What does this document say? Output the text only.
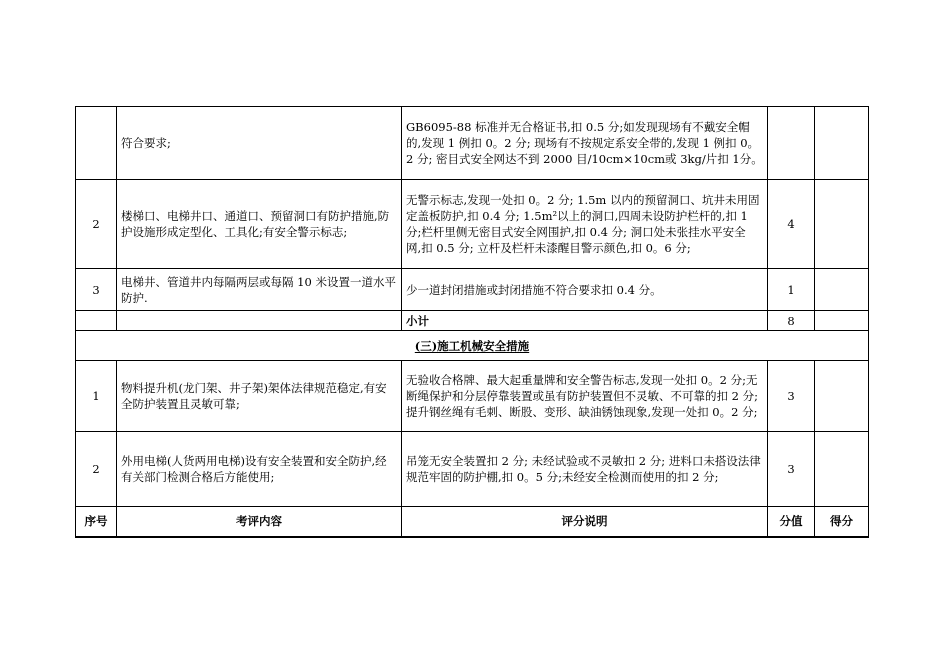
	符合要求;	GB6095-88 标准并无合格证书,扣 0.5 分;如发现现场有不戴安全帽的,发现 1 例扣 0。2 分; 现场有不按规定系安全带的,发现 1 例扣 0。2 分; 密目式安全网达不到 2000 目/10cm×10cm或 3kg/片扣 1分。		
2	楼梯口、电梯井口、通道口、预留洞口有防护措施,防护设施形成定型化、工具化;有安全警示标志;	无警示标志,发现一处扣 0。2 分; 1.5m 以内的预留洞口、坑井未用固定盖板防护,扣 0.4 分; 1.5m²以上的洞口,四周未设防护栏杆的,扣 1分;栏杆里侧无密目式安全网围护,扣 0.4 分; 洞口处未张挂水平安全 网,扣 0.5 分; 立杆及栏杆未漆醒目警示颜色,扣 0。6 分;	4	
3	电梯井、管道井内每隔两层或每隔 10 米设置一道水平防护.	少一道封闭措施或封闭措施不符合要求扣 0.4 分。	1	
		小计	8	
(三)施工机械安全措施				
1	物料提升机(龙门架、井子架)架体法律规范稳定,有安全防护装置且灵敏可靠;	无验收合格牌、最大起重量牌和安全警告标志,发现一处扣 0。2 分;无断绳保护和分层停靠装置或虽有防护装置但不灵敏、不可靠的扣 2 分; 提升钢丝绳有毛刺、断股、变形、缺油锈蚀现象,发现一处扣 0。2 分;	3	
2	外用电梯(人货两用电梯)设有安全装置和安全防护,经有关部门检测合格后方能使用;	吊笼无安全装置扣 2 分; 未经试验或不灵敏扣 2 分; 进料口未搭设法律规范牢固的防护棚,扣 0。5 分;未经安全检测而使用的扣 2 分;	3	
序号	考评内容	评分说明	分值	得分
